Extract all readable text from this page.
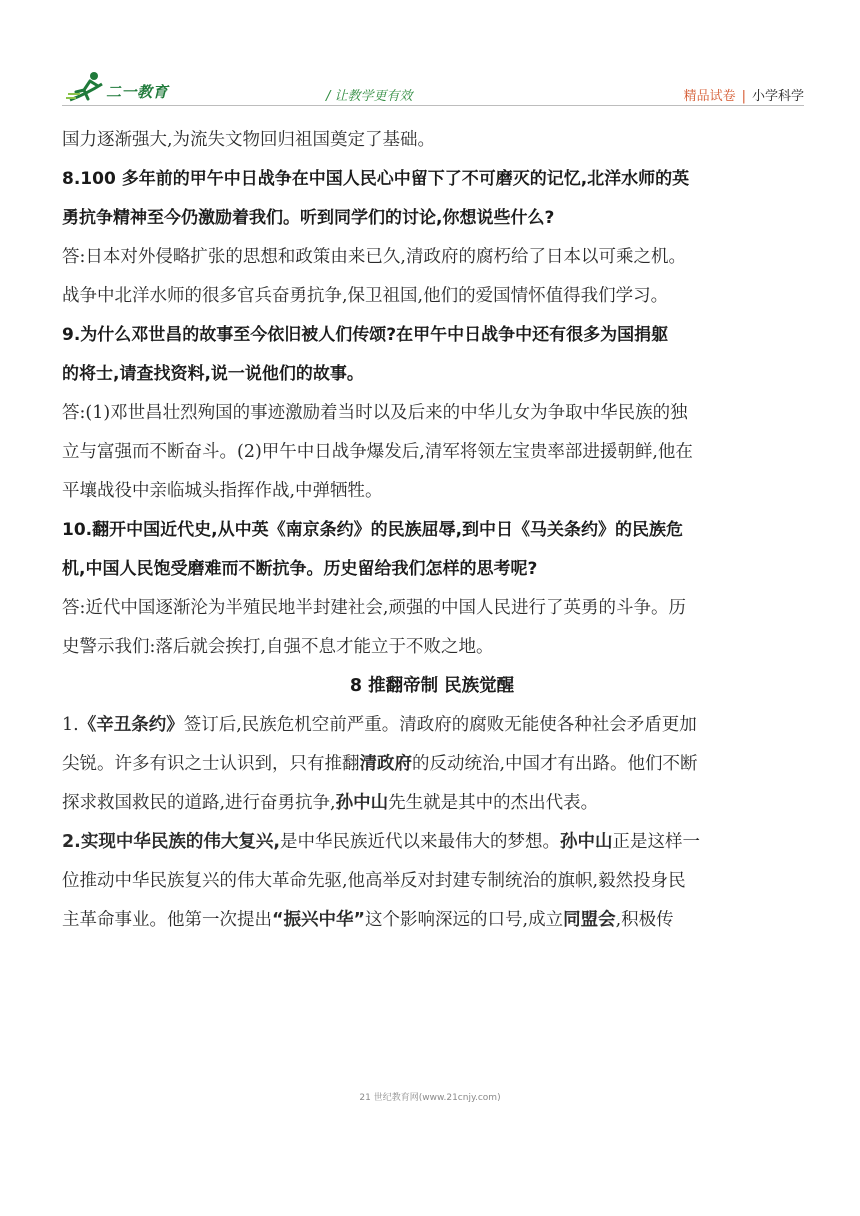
二一教育	/ 让教学更有效	精品试卷 | 小学科学
国力逐渐强大,为流失文物回归祖国奠定了基础。
8.100 多年前的甲午中日战争在中国人民心中留下了不可磨灭的记忆,北洋水师的英
勇抗争精神至今仍激励着我们。听到同学们的讨论,你想说些什么?
答:日本对外侵略扩张的思想和政策由来已久,清政府的腐朽给了日本以可乘之机。
战争中北洋水师的很多官兵奋勇抗争,保卫祖国,他们的爱国情怀值得我们学习。
9.为什么邓世昌的故事至今依旧被人们传颂?在甲午中日战争中还有很多为国捐躯
的将士,请查找资料,说一说他们的故事。
答:(1)邓世昌壮烈殉国的事迹激励着当时以及后来的中华儿女为争取中华民族的独
立与富强而不断奋斗。(2)甲午中日战争爆发后,清军将领左宝贵率部进援朝鲜,他在
平壤战役中亲临城头指挥作战,中弹牺牲。
10.翻开中国近代史,从中英《南京条约》的民族屈辱,到中日《马关条约》的民族危
机,中国人民饱受磨难而不断抗争。历史留给我们怎样的思考呢?
答:近代中国逐渐沦为半殖民地半封建社会,顽强的中国人民进行了英勇的斗争。历
史警示我们:落后就会挨打,自强不息才能立于不败之地。
8 推翻帝制 民族觉醒
1.《辛丑条约》签订后,民族危机空前严重。清政府的腐败无能使各种社会矛盾更加
尖锐。许多有识之士认识到，只有推翻清政府的反动统治,中国才有出路。他们不断
探求救国救民的道路,进行奋勇抗争,孙中山先生就是其中的杰出代表。
2.实现中华民族的伟大复兴,是中华民族近代以来最伟大的梦想。孙中山正是这样一
位推动中华民族复兴的伟大革命先驱,他高举反对封建专制统治的旗帜,毅然投身民
主革命事业。他第一次提出“振兴中华”这个影响深远的口号,成立同盟会,积极传
21 世纪教育网(www.21cnjy.com)
